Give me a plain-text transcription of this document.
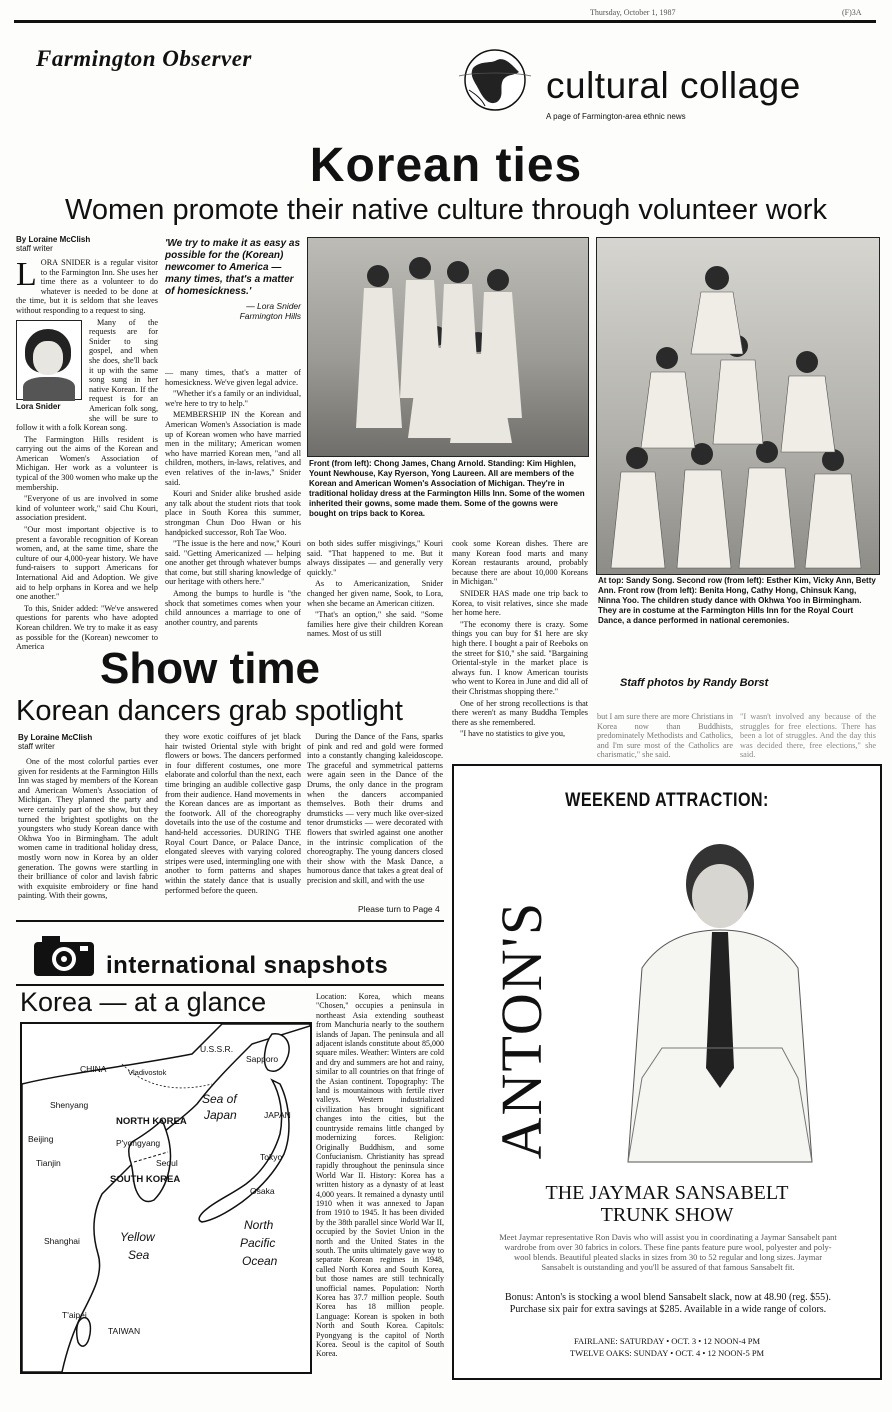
Thursday, October 1, 1987	(F)3A
Farmington Observer
cultural collage
A page of Farmington-area ethnic news
Korean ties
Women promote their native culture through volunteer work
By Loraine McClish
staff writer
L ORA SNIDER is a regular visitor to the Farmington Inn. She uses her time there as a volunteer to do whatever is needed to be done at the time, but it is seldom that she leaves without responding to a request to sing.

Lora Snider

Many of the requests are for Snider to sing gospel, and when she does, she'll back it up with the same song sung in her native Korean. If the request is for an American folk song, she will be sure to follow it with a folk Korean song.

The Farmington Hills resident is carrying out the aims of the Korean and American Women's Association of Michigan. Her work as a volunteer is typical of the 300 women who make up the membership.

"Everyone of us are involved in some kind of volunteer work," said Chu Kouri, association president.

"Our most important objective is to present a favorable recognition of Korean women, and, at the same time, share the culture of our 4,000-year history. We have fund-raisers to support Americans for International Aid and Adoption. We give aid to help orphans in Korea and we help one another."

To this, Snider added: "We've answered questions for parents who have adopted Korean children. We try to make it as easy as possible for the (Korean) newcomer to America

'We try to make it as easy as possible for the (Korean) newcomer to America — many times, that's a matter of homesickness.'
— Lora Snider
Farmington Hills

— many times, that's a matter of homesickness. We've given legal advice.

"Whether it's a family or an individual, we're here to try to help."

MEMBERSHIP IN the Korean and American Women's Association is made up of Korean women who have married men in the military; American women who have married Korean men, "and all children, mothers, in-laws, relatives, and even relatives of the in-laws," Snider said.

Kouri and Snider alike brushed aside any talk about the student riots that took place in South Korea this summer, strongman Chun Doo Hwan or his handpicked successor, Roh Tae Woo.

"The issue is the here and now," Kouri said. "Getting Americanized — helping one another get through whatever bumps that come, but still sharing knowledge of our heritage with others here."

Among the bumps to hurdle is "the shock that sometimes comes when your child announces a marriage to one of another country, and parents

Front (from left): Chong James, Chang Arnold. Standing: Kim Highlen, Yount Newhouse, Kay Ryerson, Yong Laureen. All are members of the Korean and American Women's Association of Michigan. They're in traditional holiday dress at the Farmington Hills Inn. Some of the women inherited their gowns, some made them. Some of the gowns were bought on trips back to Korea.
At top: Sandy Song. Second row (from left): Esther Kim, Vicky Ann, Betty Ann. Front row (from left): Benita Hong, Cathy Hong, Chinsuk Kang, Ninna Yoo. The children study dance with Okhwa Yoo in Birmingham. They are in costume at the Farmington Hills Inn for the Royal Court Dance, a dance performed in national ceremonies.
Staff photos by Randy Borst

on both sides suffer misgivings," Kouri said. "That happened to me. But it always dissipates — and generally very quickly."

As to Americanization, Snider changed her given name, Sook, to Lora, when she became an American citizen.

"That's an option," she said. "Some families here give their children Korean names. Most of us still

cook some Korean dishes. There are many Korean food marts and many Korean restaurants around, probably because there are about 10,000 Koreans in Michigan."

SNIDER HAS made one trip back to Korea, to visit relatives, since she made her home here.

"The economy there is crazy. Some things you can buy for $1 here are sky high there. I bought a pair of Reeboks on the street for $10," she said. "Bargaining Oriental-style in the market place is always fun. I know American tourists who went to Korea in June and did all of their Christmas shopping there."

One of her strong recollections is that there weren't as many Buddha Temples there as she remembered.

"I have no statistics to give you,

but I am sure there are more Christians in Korea now than Buddhists, predominately Methodists and Catholics, and I'm sure most of the Catholics are charismatic," she said.

"I wasn't involved any because of the struggles for free elections. There has been a lot of struggles. And the day this was decided there, free elections," she said.

Show time
Korean dancers grab spotlight
By Loraine McClish
staff writer
One of the most colorful parties ever given for residents at the Farmington Hills Inn was staged by members of the Korean and American Women's Association of Michigan. They planned the party and were certainly part of the show, but they turned the brightest spotlights on the youngsters who study Korean dance with Okhwa Yoo in Birmingham. The adult women came in traditional holiday dress, mostly worn now in Korea by an older generation. The gowns were startling in their brilliance of color and lavish fabric with exquisite embroidery or fine hand painting. With their gowns,
they wore exotic coiffures of jet black hair twisted Oriental style with bright flowers or bows. The dancers performed in four different costumes, one more elaborate and colorful than the next, each time bringing an audible collective gasp from their audience. Hand movements in the Korean dances are as important as the footwork. All of the choreography dovetails into the use of the costume and hand-held accessories. DURING THE Royal Court Dance, or Palace Dance, elongated sleeves with varying colored stripes were used, intermingling one with another to form patterns and shapes within the stately dance that is usually performed before the queen.
During the Dance of the Fans, sparks of pink and red and gold were formed into a constantly changing kaleidoscope. The graceful and symmetrical patterns were again seen in the Dance of the Drums, the only dance in the program when the dancers accompanied themselves. Both their drums and drumsticks — very much like over-sized tenor drumsticks — were decorated with flowers that swirled against one another in the intrinsic complication of the choreography. The young dancers closed their show with the Mask Dance, a humorous dance that takes a great deal of precision and skill, and with the use
Please turn to Page 4
international snapshots
Korea — at a glance	Location: Korea, which means "Chosen," occupies a peninsula in northeast Asia extending southeast from Manchuria nearly to the southern islands of Japan. The peninsula and all adjacent islands constitute about 85,000 square miles. Weather: Winters are cold and dry and summers are hot and rainy, similar to all countries on that fringe of the Asian continent. Topography: The land is mountainous with fertile river valleys. Western industrialized civilization has brought significant changes into the cities, but the countryside remains little changed by modernizing forces. Religion: Originally Buddhism, and some Confucianism. Christianity has spread rapidly throughout the peninsula since World War II. History: Korea has a written history as a dynasty of at least 4,000 years. It remained a dynasty until 1910 when it was annexed to Japan from 1910 to 1945. It has been divided by the 38th parallel since World War II, occupied by the Soviet Union in the north and the United States in the south. The units ultimately gave way to separate Korean regimes in 1948, called North Korea and South Korea, but those names are still technically unofficial names. Population: North Korea has 37.7 million people. South Korea has 18 million people. Language: Korean is spoken in both North and South Korea. Capitols: Pyongyang is the capitol of North Korea. Seoul is the capitol of South Korea.
U.S.S.R.
CHINA	Vladivostok
Sapporo
Sea of
Japan
Shenyang
NORTH KOREA
JAPAN
Beijing	P'yongyang
Tianjin	Seoul
Tokyo
SOUTH KOREA
Osaka
North
Pacific
Ocean
Shanghai	Yellow
Sea
T'aipei
TAIWAN
WEEKEND ATTRACTION:
ANTON'S
THE JAYMAR SANSABELT
TRUNK SHOW
Meet Jaymar representative Ron Davis who will assist you in coordinating a Jaymar Sansabelt pant wardrobe from over 30 fabrics in colors. These fine pants feature pure wool, polyester and poly-wool blends. Beautiful pleated slacks in sizes from 30 to 52 regular and long sizes. Jaymar Sansabelt is outstanding and you'll be assured of that famous Sansabelt fit.
Bonus: Anton's is stocking a wool blend Sansabelt slack, now at 48.90 (reg. $55). Purchase six pair for extra savings at $285. Available in a wide range of colors.
FAIRLANE: SATURDAY • OCT. 3 • 12 NOON-4 PM
TWELVE OAKS: SUNDAY • OCT. 4 • 12 NOON-5 PM
